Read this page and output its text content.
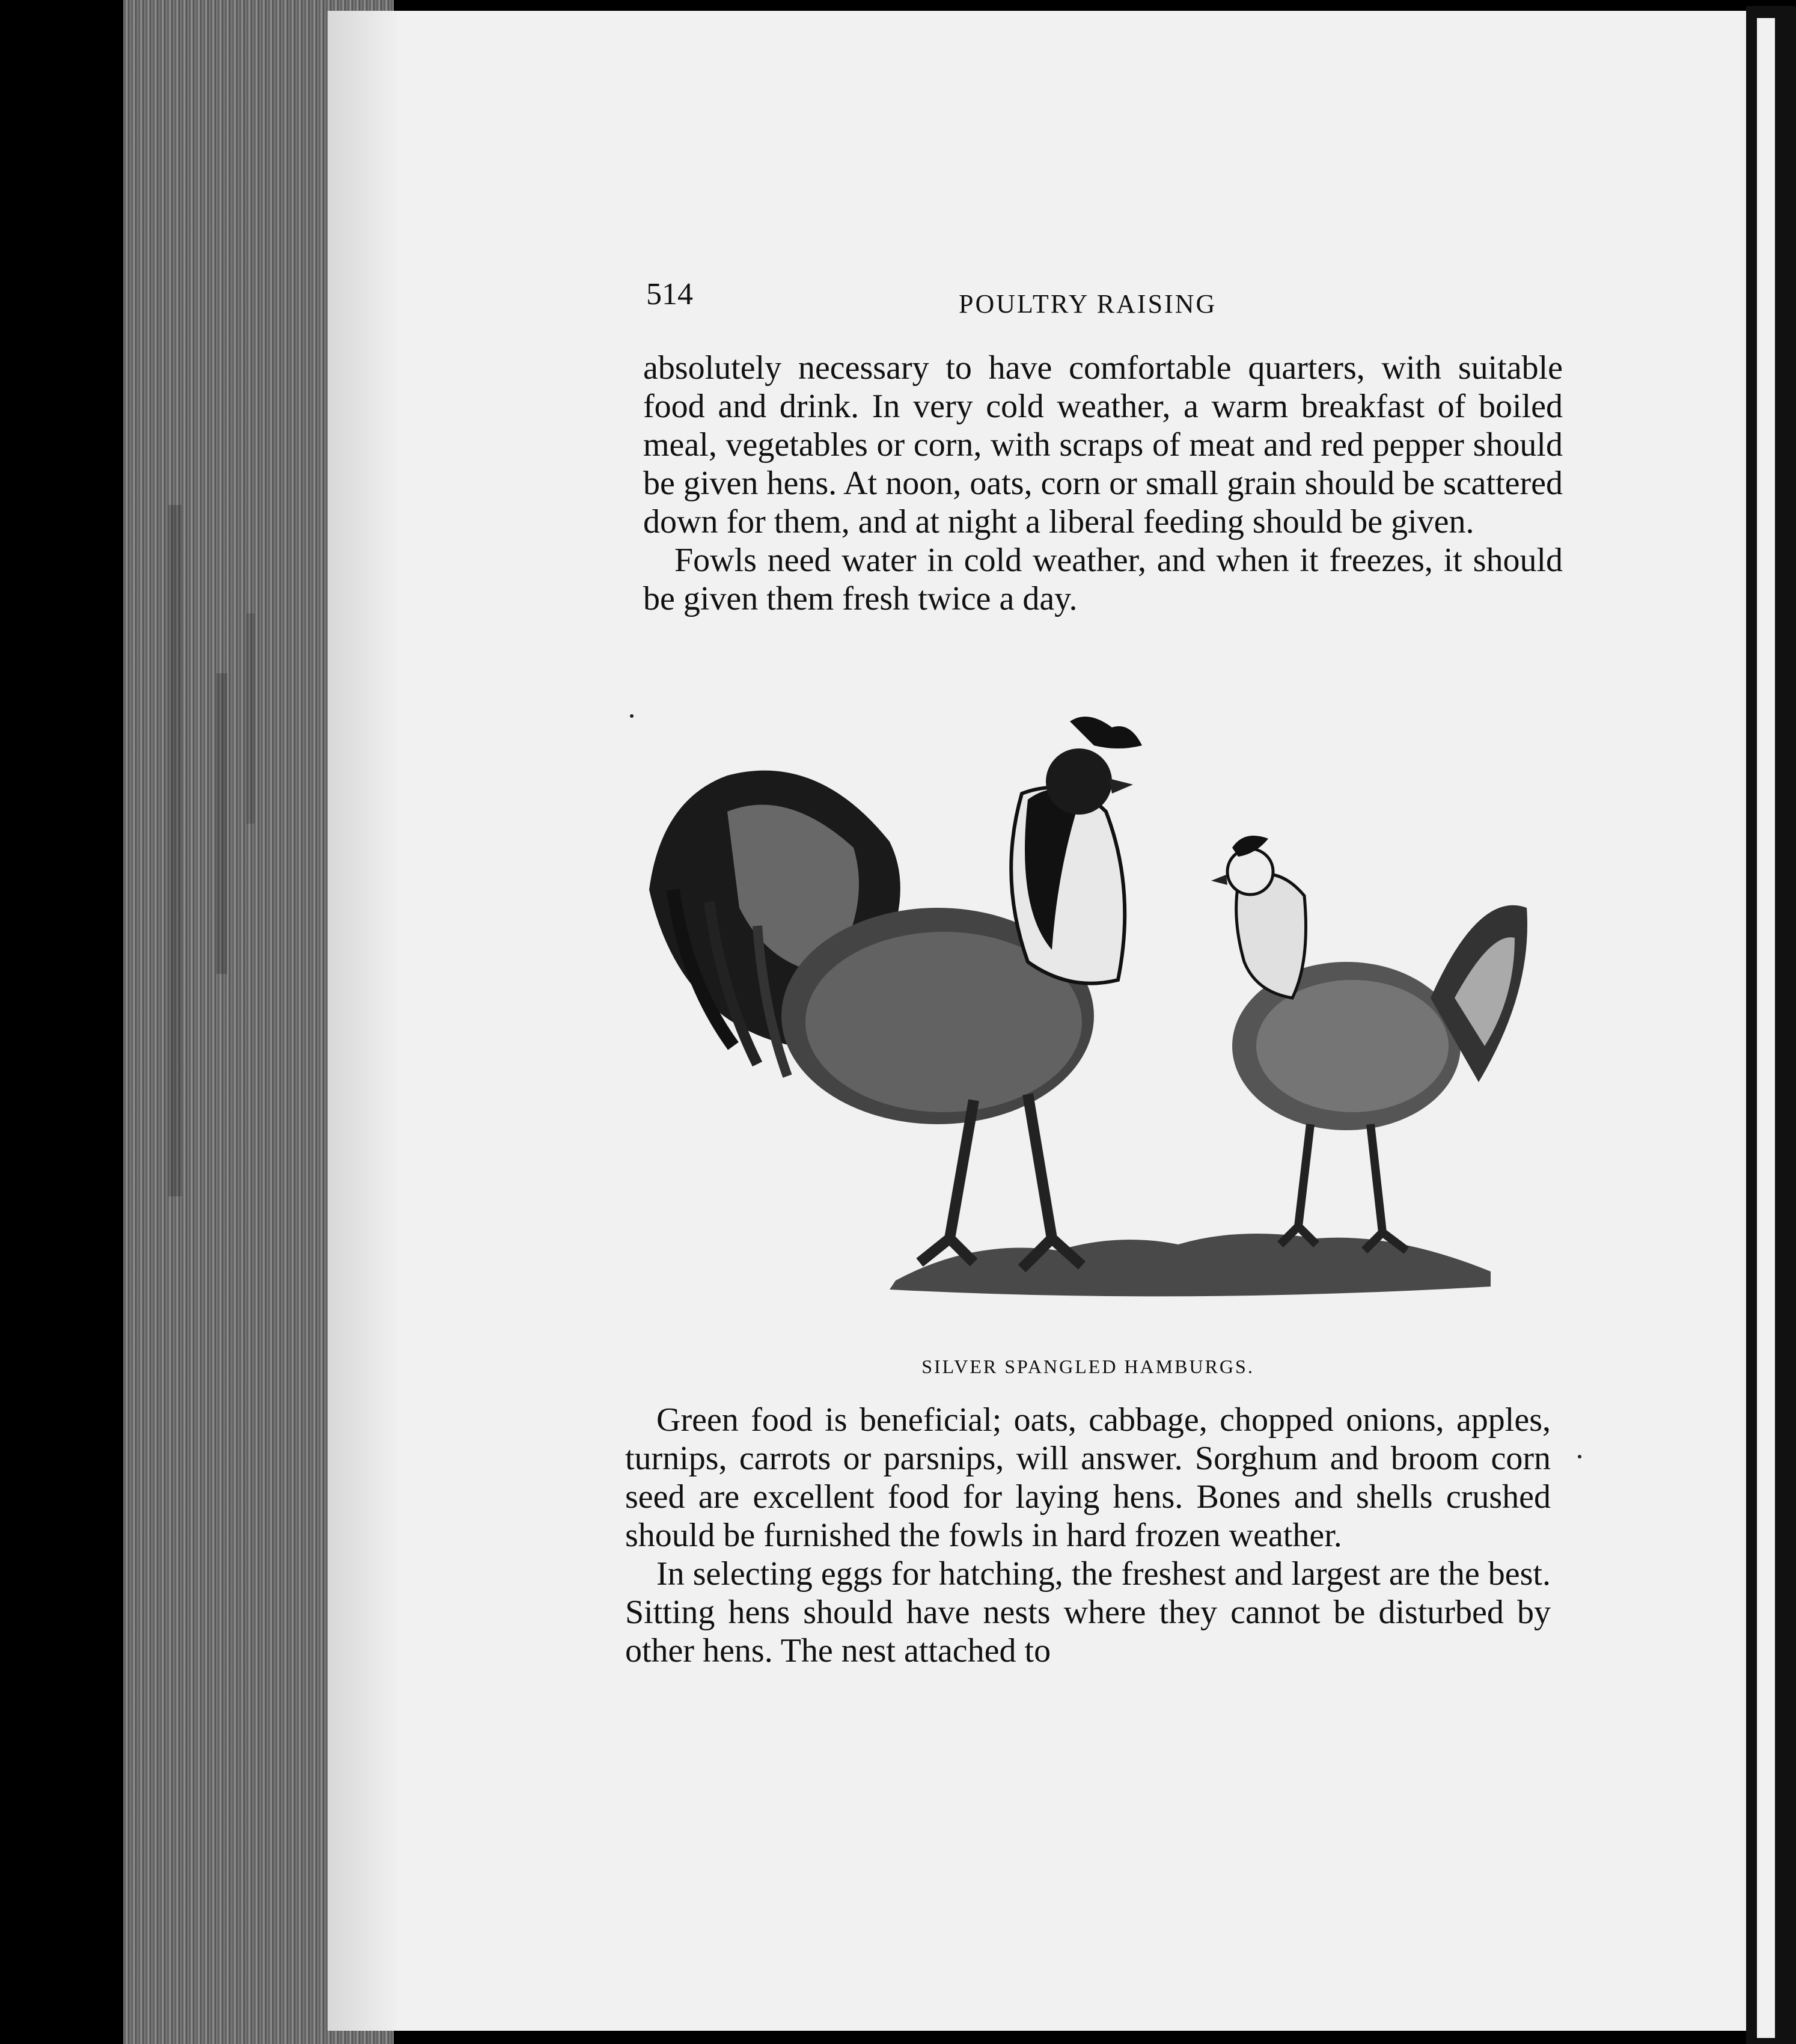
514	POULTRY RAISING

absolutely necessary to have comfortable quarters, with suitable food and drink. In very cold weather, a warm breakfast of boiled meal, vegetables or corn, with scraps of meat and red pepper should be given hens. At noon, oats, corn or small grain should be scattered down for them, and at night a liberal feeding should be given.

Fowls need water in cold weather, and when it freezes, it should be given them fresh twice a day.

SILVER SPANGLED HAMBURGS.

Green food is beneficial; oats, cabbage, chopped onions, apples, turnips, carrots or parsnips, will answer. Sorghum and broom corn seed are excellent food for laying hens. Bones and shells crushed should be furnished the fowls in hard frozen weather.

In selecting eggs for hatching, the freshest and largest are the best. Sitting hens should have nests where they cannot be disturbed by other hens. The nest attached to
